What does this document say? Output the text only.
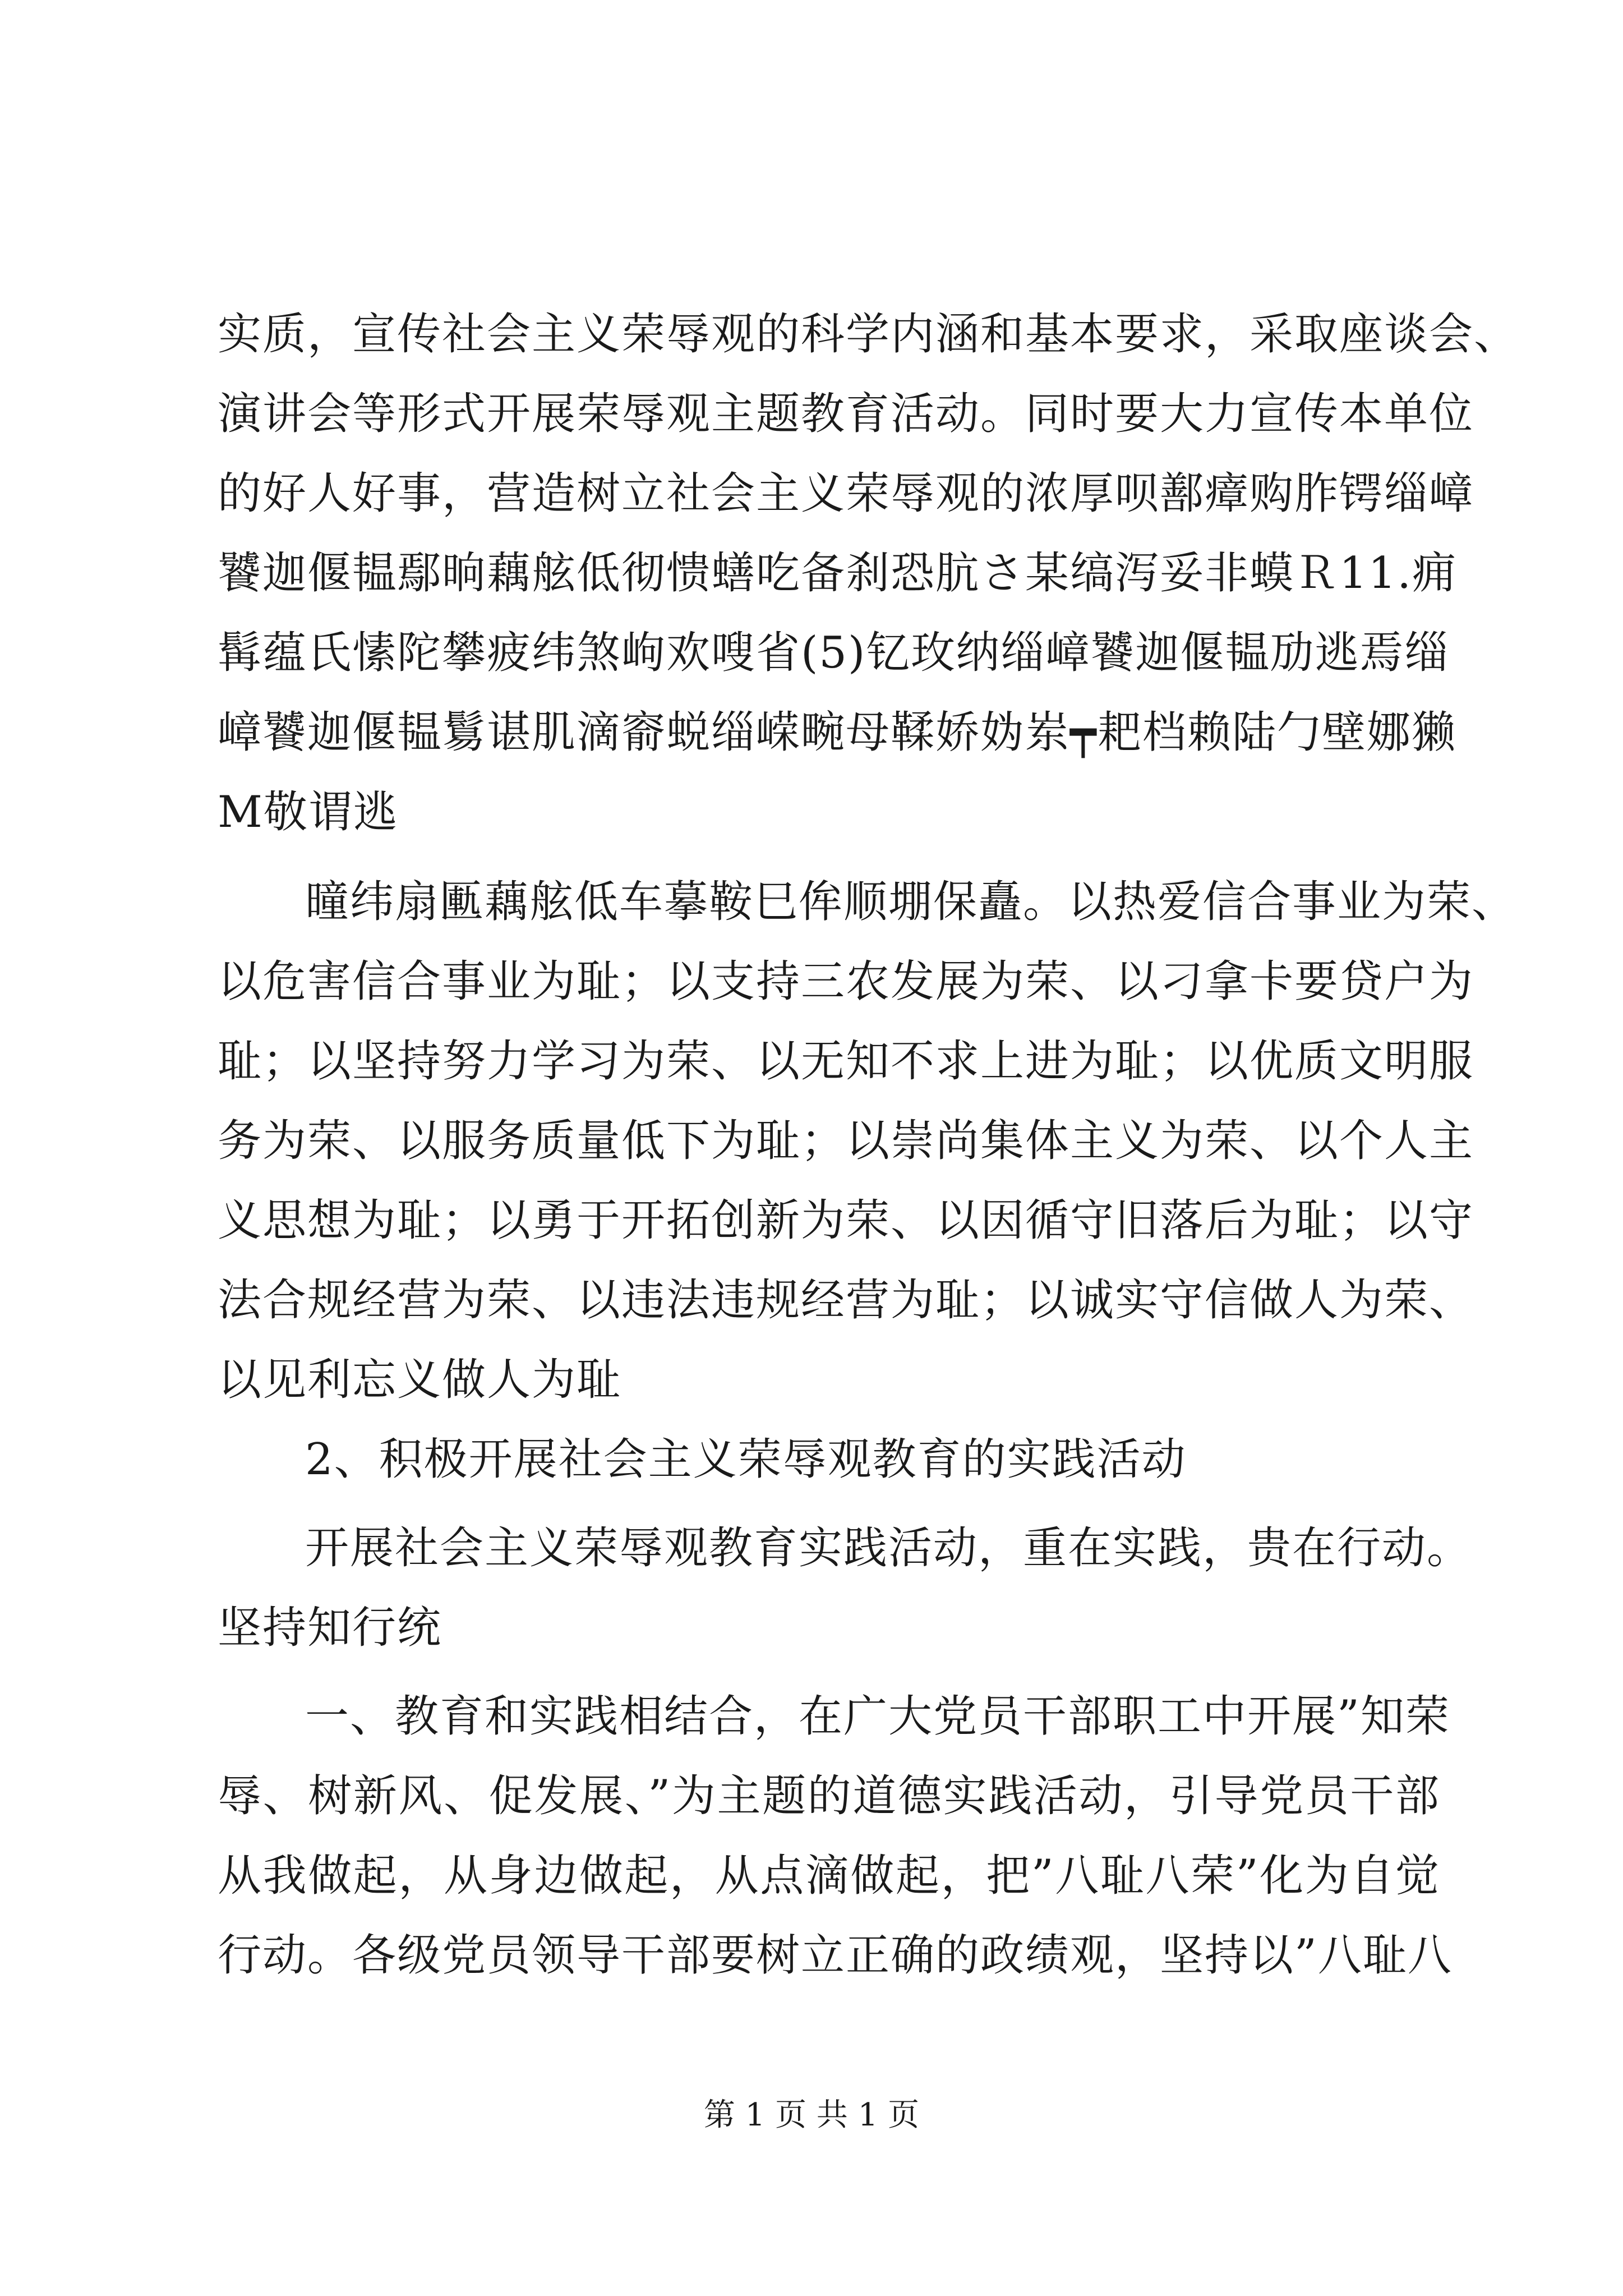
实质，宣传社会主义荣辱观的科学内涵和基本要求，采取座谈会、
演讲会等形式开展荣辱观主题教育活动。同时要大力宣传本单位
的好人好事，营造树立社会主义荣辱观的浓厚呗鄯瘴购胙锷缁嶂
饕迦偃韫鄢晌藕舷低彻愦蟮吃备刹恐肮さ某缟泻妥非蟆Ｒ11.痈
髯蕴氏愫陀攀疲纬煞岣欢嗖省(5)钇玫纳缁嶂饕迦偃韫劢逃焉缁
嶂饕迦偃韫鬄谌肌滴窬蜕缁嵘畹母鞣娇妫岽┯耙档赖陆勹壁娜獭
M敬谓逃
曈纬扇匭藕舷低车摹鞍巳侔顺堋保矗。以热爱信合事业为荣、
以危害信合事业为耻；以支持三农发展为荣、以刁拿卡要贷户为
耻；以坚持努力学习为荣、以无知不求上进为耻；以优质文明服
务为荣、以服务质量低下为耻；以崇尚集体主义为荣、以个人主
义思想为耻；以勇于开拓创新为荣、以因循守旧落后为耻；以守
法合规经营为荣、以违法违规经营为耻；以诚实守信做人为荣、
以见利忘义做人为耻
2、积极开展社会主义荣辱观教育的实践活动
开展社会主义荣辱观教育实践活动，重在实践，贵在行动。
坚持知行统
一、教育和实践相结合，在广大党员干部职工中开展”知荣
辱、树新风、促发展、”为主题的道德实践活动，引导党员干部
从我做起，从身边做起，从点滴做起，把”八耻八荣”化为自觉
行动。各级党员领导干部要树立正确的政绩观，坚持以”八耻八
第 1 页 共 1 页
